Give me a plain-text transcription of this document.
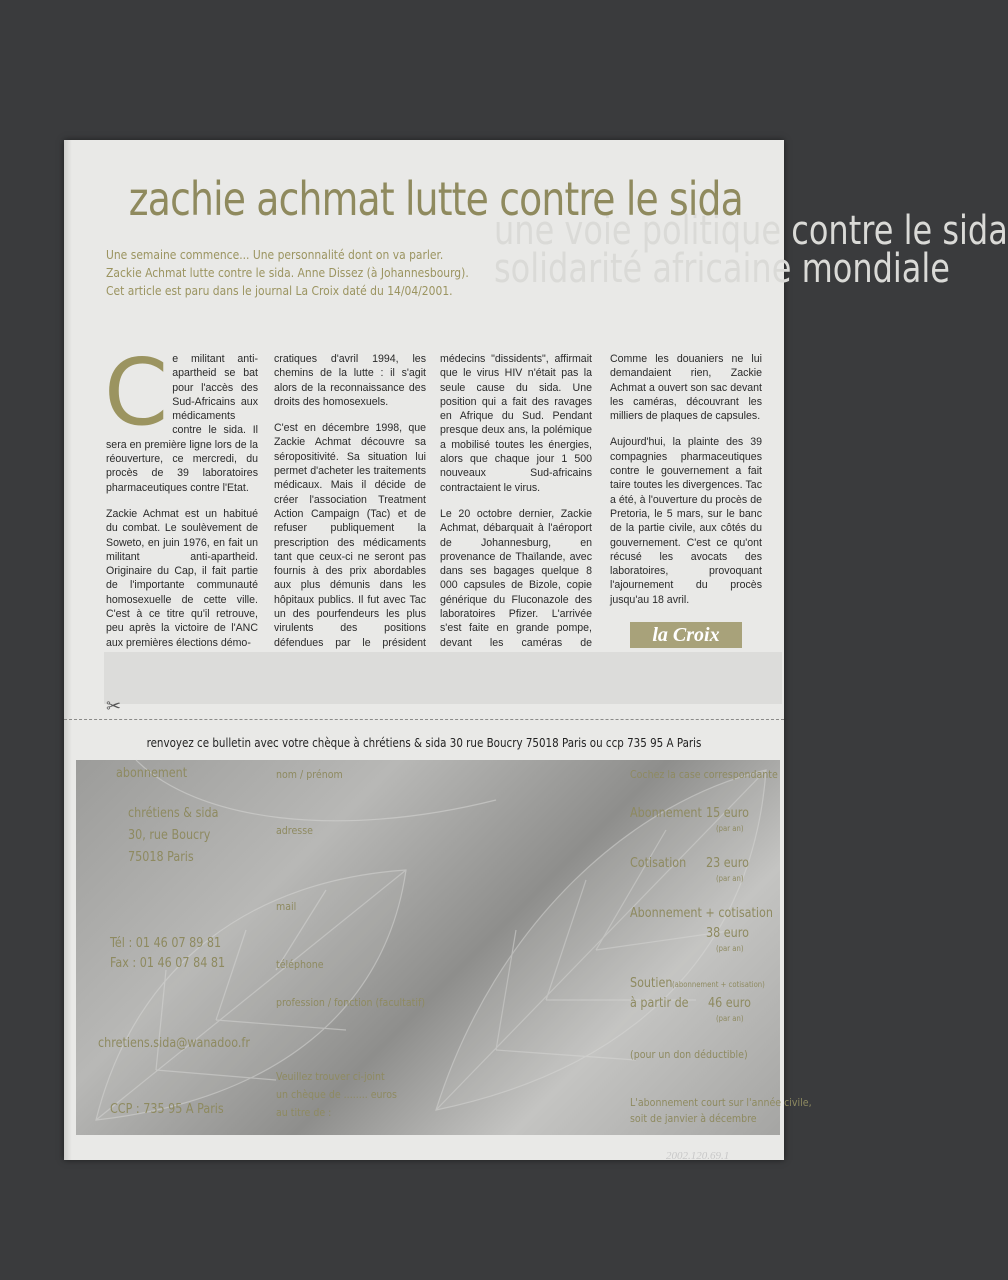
une voie politique contre le sida
solidarité africaine mondiale
zachie achmat lutte contre le sida
Une semaine commence... Une personnalité dont on va parler.
Zackie Achmat lutte contre le sida. Anne Dissez (à Johannesbourg).
Cet article est paru dans le journal La Croix daté du 14/04/2001.
C e militant anti-apartheid se bat pour l'accès des Sud-Africains aux médicaments contre le sida. Il sera en première ligne lors de la réouverture, ce mercredi, du procès de 39 laboratoires pharmaceutiques contre l'Etat.

Zackie Achmat est un habitué du combat. Le soulèvement de Soweto, en juin 1976, en fait un militant anti-apartheid. Originaire du Cap, il fait partie de l'importante communauté homosexuelle de cette ville. C'est à ce titre qu'il retrouve, peu après la victoire de l'ANC aux premières élections démo-

cratiques d'avril 1994, les chemins de la lutte : il s'agit alors de la reconnaissance des droits des homosexuels.

C'est en décembre 1998, que Zackie Achmat découvre sa séropositivité. Sa situation lui permet d'acheter les traitements médicaux. Mais il décide de créer l'association Treatment Action Campaign (Tac) et de refuser publiquement la prescription des médicaments tant que ceux-ci ne seront pas fournis à des prix abordables aux plus démunis dans les hôpitaux publics. Il fut avec Tac un des pourfendeurs les plus virulents des positions défendues par le président

médecins "dissidents", affirmait que le virus HIV n'était pas la seule cause du sida. Une position qui a fait des ravages en Afrique du Sud. Pendant presque deux ans, la polémique a mobilisé toutes les énergies, alors que chaque jour 1 500 nouveaux Sud-africains contractaient le virus.

Le 20 octobre dernier, Zackie Achmat, débarquait à l'aéroport de Johannesburg, en provenance de Thaïlande, avec dans ses bagages quelque 8 000 capsules de Bizole, copie générique du Fluconazole des laboratoires Pfizer. L'arrivée s'est faite en grande pompe, devant les caméras de

Comme les douaniers ne lui demandaient rien, Zackie Achmat a ouvert son sac devant les caméras, découvrant les milliers de plaques de capsules.

Aujourd'hui, la plainte des 39 compagnies pharmaceutiques contre le gouvernement a fait taire toutes les divergences. Tac a été, à l'ouverture du procès de Pretoria, le 5 mars, sur le banc de la partie civile, aux côtés du gouvernement. C'est ce qu'ont récusé les avocats des laboratoires, provoquant l'ajournement du procès jusqu'au 18 avril.

la Croix
✂
renvoyez ce bulletin avec votre chèque à chrétiens & sida 30 rue Boucry 75018 Paris ou ccp 735 95 A Paris
abonnement
chrétiens & sida
30, rue Boucry
75018 Paris
Tél : 01 46 07 89 81
Fax : 01 46 07 84 81
chretiens.sida@wanadoo.fr
CCP : 735 95 A Paris
nom / prénom
adresse
mail
téléphone
profession / fonction (facultatif)
Veuillez trouver ci-joint
un chèque de ........ euros
au titre de :
Cochez la case correspondante
Abonnement 15 euro
(par an)
Cotisation 23 euro
(par an)
Abonnement + cotisation
38 euro
(par an)
Soutien (abonnement + cotisation)
à partir de 46 euro
(par an)
(pour un don déductible)
L'abonnement court sur l'année civile,
soit de janvier à décembre
2002.120.69.1
